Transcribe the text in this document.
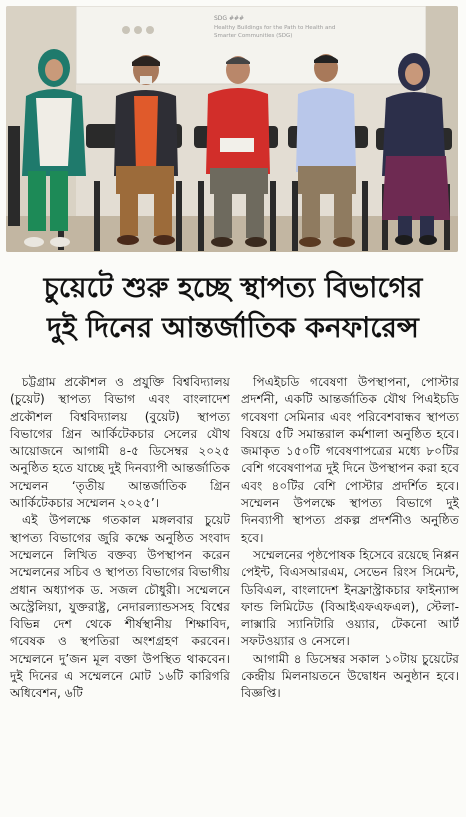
SDG ###
Healthy Buildings for the Path to Health and
Smarter Communities (SDG)
চুয়েটে শুরু হচ্ছে স্থাপত্য বিভাগের
দুই দিনের আন্তর্জাতিক কনফারেন্স

চট্টগ্রাম প্রকৌশল ও প্রযুক্তি বিশ্ববিদ্যালয় (চুয়েট) স্থাপত্য বিভাগ এবং বাংলাদেশ প্রকৌশল বিশ্ববিদ্যালয় (বুয়েট) স্থাপত্য বিভাগের গ্রিন আর্কিটেকচার সেলের যৌথ আয়োজনে আগামী ৪-৫ ডিসেম্বর ২০২৫ অনুষ্ঠিত হতে যাচ্ছে দুই দিনব্যাপী আন্তর্জাতিক সম্মেলন ‘তৃতীয় আন্তর্জাতিক গ্রিন আর্কিটেকচার সম্মেলন ২০২৫’।

এই উপলক্ষে গতকাল মঙ্গলবার চুয়েট স্থাপত্য বিভাগের জুরি কক্ষে অনুষ্ঠিত সংবাদ সম্মেলনে লিখিত বক্তব্য উপস্থাপন করেন সম্মেলনের সচিব ও স্থাপত্য বিভাগের বিভাগীয় প্রধান অধ্যাপক ড. সজল চৌধুরী। সম্মেলনে অস্ট্রেলিয়া, যুক্তরাষ্ট্র, নেদারল্যান্ডসসহ বিশ্বের বিভিন্ন দেশ থেকে শীর্ষস্থানীয় শিক্ষাবিদ, গবেষক ও স্থপতিরা অংশগ্রহণ করবেন। সম্মেলনে দু’জন মূল বক্তা উপস্থিত থাকবেন। দুই দিনের এ সম্মেলনে মোট ১৬টি কারিগরি অধিবেশন, ৬টি

পিএইচডি গবেষণা উপস্থাপনা, পোস্টার প্রদর্শনী, একটি আন্তর্জাতিক যৌথ পিএইচডি গবেষণা সেমিনার এবং পরিবেশবান্ধব স্থাপত্য বিষয়ে ৫টি সমান্তরাল কর্মশালা অনুষ্ঠিত হবে। জমাকৃত ১৫০টি গবেষণাপত্রের মধ্যে ৮০টির বেশি গবেষণাপত্র দুই দিনে উপস্থাপন করা হবে এবং ৪০টির বেশি পোস্টার প্রদর্শিত হবে। সম্মেলন উপলক্ষে স্থাপত্য বিভাগে দুই দিনব্যাপী স্থাপত্য প্রকল্প প্রদর্শনীও অনুষ্ঠিত হবে।

সম্মেলনের পৃষ্ঠপোষক হিসেবে রয়েছে নিপ্পন পেইন্ট, বিএসআরএম, সেভেন রিংস সিমেন্ট, ডিবিএল, বাংলাদেশ ইনফ্রাস্ট্রাকচার ফাইন্যান্স ফান্ড লিমিটেড (বিআইএফএফএল), স্টেলা-লাক্সারি স্যানিটারি ওয়্যার, টেকনো আর্ট সফটওয়্যার ও নেসলে।

আগামী ৪ ডিসেম্বর সকাল ১০টায় চুয়েটের কেন্দ্রীয় মিলনায়তনে উদ্বোধন অনুষ্ঠান হবে। বিজ্ঞপ্তি।
